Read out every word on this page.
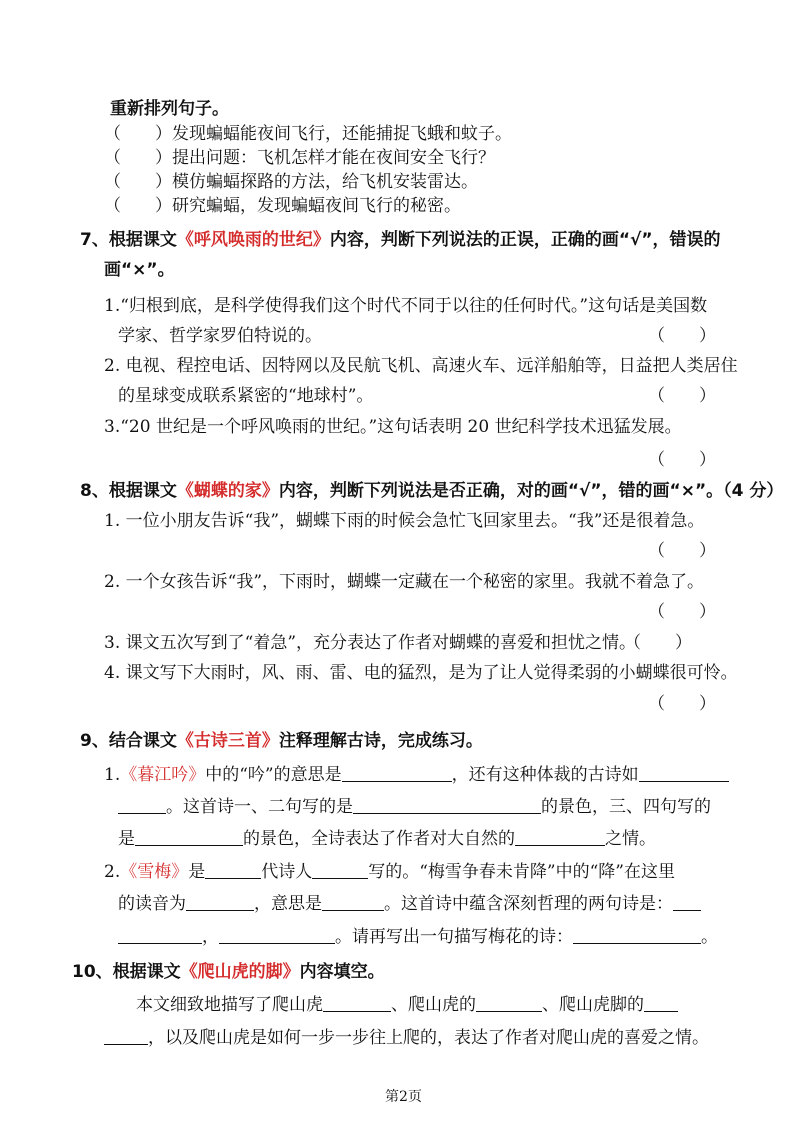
重新排列句子。
（　　）发现蝙蝠能夜间飞行，还能捕捉飞蛾和蚊子。
（　　）提出问题：飞机怎样才能在夜间安全飞行？
（　　）模仿蝙蝠探路的方法，给飞机安装雷达。
（　　）研究蝙蝠，发现蝙蝠夜间飞行的秘密。
7、根据课文《呼风唤雨的世纪》内容，判断下列说法的正误，正确的画“√”，错误的
画“×”。
1.“归根到底，是科学使得我们这个时代不同于以往的任何时代。”这句话是美国数
学家、哲学家罗伯特说的。	（　　）
2. 电视、程控电话、因特网以及民航飞机、高速火车、远洋船舶等，日益把人类居住
的星球变成联系紧密的“地球村”。	（　　）
3.“20 世纪是一个呼风唤雨的世纪。”这句话表明 20 世纪科学技术迅猛发展。
（　　）
8、根据课文《蝴蝶的家》内容，判断下列说法是否正确，对的画“√”，错的画“×”。（4 分）
1. 一位小朋友告诉“我”，蝴蝶下雨的时候会急忙飞回家里去。“我”还是很着急。
（　　）
2. 一个女孩告诉“我”，下雨时，蝴蝶一定藏在一个秘密的家里。我就不着急了。
（　　）
3. 课文五次写到了“着急”，充分表达了作者对蝴蝶的喜爱和担忧之情。
（　　）
4. 课文写下大雨时，风、雨、雷、电的猛烈，是为了让人觉得柔弱的小蝴蝶很可怜。
（　　）
9、结合课文《古诗三首》注释理解古诗，完成练习。
1.《暮江吟》中的“吟”的意思是	，还有这种体裁的古诗如
。这首诗一、二句写的是	的景色，三、四句写的
是	的景色，全诗表达了作者对大自然的	之情。
2.《雪梅》是	代诗人	写的。“梅雪争春未肯降”中的“降”在这里
的读音为	，意思是	。这首诗中蕴含深刻哲理的两句诗是：
，	。请再写出一句描写梅花的诗：	。
10、根据课文《爬山虎的脚》内容填空。
本文细致地描写了爬山虎	、爬山虎的	、爬山虎脚的
，以及爬山虎是如何一步一步往上爬的，表达了作者对爬山虎的喜爱之情。
第2页
